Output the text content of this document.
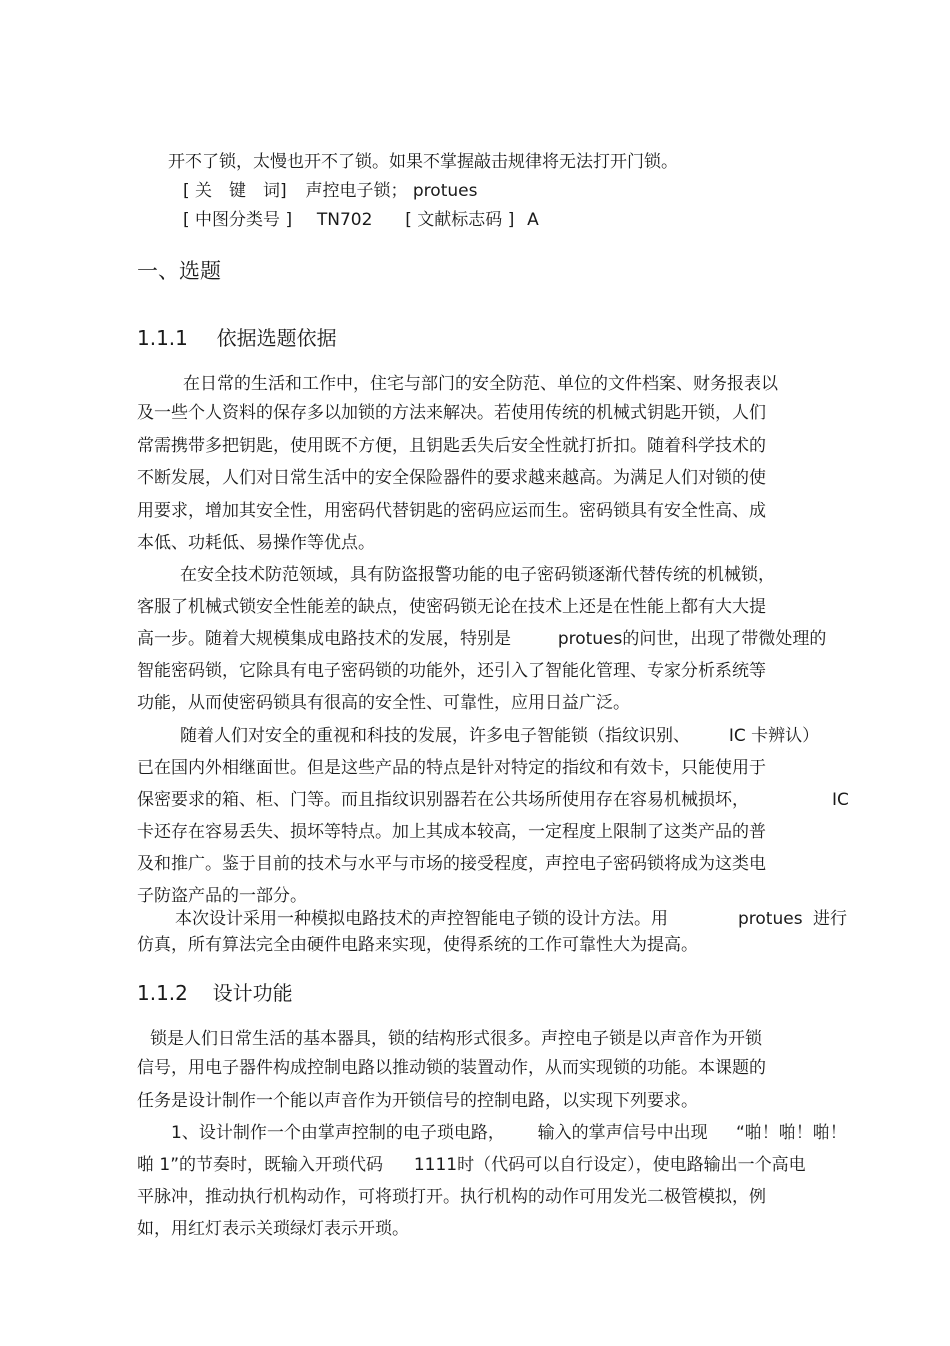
开不了锁，太慢也开不了锁。如果不掌握敲击规律将无法打开门锁。
[ 关　键　词] 声控电子锁； protues
[ 中图分类号 ] TN702 [ 文献标志码 ] A
一、选题
1.1.1 依据选题依据
在日常的生活和工作中，住宅与部门的安全防范、单位的文件档案、财务报表以
及一些个人资料的保存多以加锁的方法来解决。若使用传统的机械式钥匙开锁，人们
常需携带多把钥匙，使用既不方便，且钥匙丢失后安全性就打折扣。随着科学技术的
不断发展，人们对日常生活中的安全保险器件的要求越来越高。为满足人们对锁的使
用要求，增加其安全性，用密码代替钥匙的密码应运而生。密码锁具有安全性高、成
本低、功耗低、易操作等优点。
在安全技术防范领域，具有防盗报警功能的电子密码锁逐渐代替传统的机械锁，
客服了机械式锁安全性能差的缺点，使密码锁无论在技术上还是在性能上都有大大提
高一步。随着大规模集成电路技术的发展，特别是	protues的问世，出现了带微处理的
智能密码锁，它除具有电子密码锁的功能外，还引入了智能化管理、专家分析系统等
功能，从而使密码锁具有很高的安全性、可靠性，应用日益广泛。
随着人们对安全的重视和科技的发展，许多电子智能锁（指纹识别、 IC 卡辨认）
已在国内外相继面世。但是这些产品的特点是针对特定的指纹和有效卡，只能使用于
保密要求的箱、柜、门等。而且指纹识别器若在公共场所使用存在容易机械损坏，	IC
卡还存在容易丢失、损坏等特点。加上其成本较高，一定程度上限制了这类产品的普
及和推广。鉴于目前的技术与水平与市场的接受程度，声控电子密码锁将成为这类电
子防盗产品的一部分。
本次设计采用一种模拟电路技术的声控智能电子锁的设计方法。用	protues 进行
仿真，所有算法完全由硬件电路来实现，使得系统的工作可靠性大为提高。
1.1.2 设计功能
锁是人们日常生活的基本器具，锁的结构形式很多。声控电子锁是以声音作为开锁
信号，用电子器件构成控制电路以推动锁的装置动作，从而实现锁的功能。本课题的
任务是设计制作一个能以声音作为开锁信号的控制电路，以实现下列要求。
1、设计制作一个由掌声控制的电子琐电路， 输入的掌声信号中出现 “啪！啪！啪！
啪 1”的节奏时，既输入开琐代码 1111时（代码可以自行设定），使电路输出一个高电
平脉冲，推动执行机构动作，可将琐打开。执行机构的动作可用发光二极管模拟，例
如，用红灯表示关琐绿灯表示开琐。
